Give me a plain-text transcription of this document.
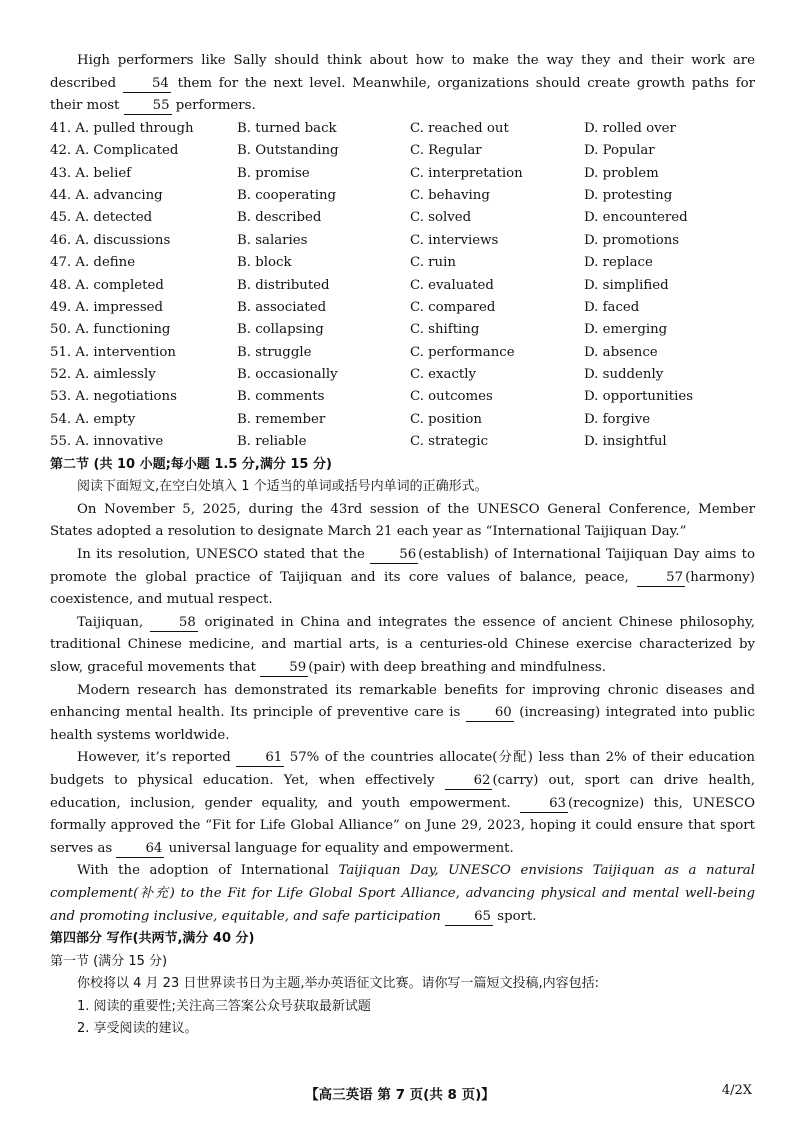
High performers like Sally should think about how to make the way they and their work are described	54 them for the next level. Meanwhile, organizations should create growth paths for their most 55 performers.

41. A. pulled through	B. turned back	C. reached out	D. rolled over
42. A. Complicated	B. Outstanding	C. Regular	D. Popular
43. A. belief	B. promise	C. interpretation	D. problem
44. A. advancing	B. cooperating	C. behaving	D. protesting
45. A. detected	B. described	C. solved	D. encountered
46. A. discussions	B. salaries	C. interviews	D. promotions
47. A. define	B. block	C. ruin	D. replace
48. A. completed	B. distributed	C. evaluated	D. simplified
49. A. impressed	B. associated	C. compared	D. faced
50. A. functioning	B. collapsing	C. shifting	D. emerging
51. A. intervention	B. struggle	C. performance	D. absence
52. A. aimlessly	B. occasionally	C. exactly	D. suddenly
53. A. negotiations	B. comments	C. outcomes	D. opportunities
54. A. empty	B. remember	C. position	D. forgive
55. A. innovative	B. reliable	C. strategic	D. insightful

第二节 (共 10 小题;每小题 1.5 分,满分 15 分)

阅读下面短文,在空白处填入 1 个适当的单词或括号内单词的正确形式。

On November 5, 2025, during the 43rd session of the UNESCO General Conference, Member States adopted a resolution to designate March 21 each year as “International Taijiquan Day.”

In its resolution, UNESCO stated that the	56 (establish) of International Taijiquan Day aims to promote the global practice of Taijiquan and its core values of balance, peace,	57 (harmony) coexistence, and mutual respect.

Taijiquan,	58 originated in China and integrates the essence of ancient Chinese philosophy, traditional Chinese medicine, and martial arts, is a centuries-old Chinese exercise characterized by slow, graceful movements that 59 (pair) with deep breathing and mindfulness.

Modern research has demonstrated its remarkable benefits for improving chronic diseases and enhancing mental health. Its principle of preventive care is	60 (increasing) integrated into public health systems worldwide.

However, it’s reported	61 57% of the countries allocate(分配) less than 2% of their education budgets to physical education. Yet, when effectively	62 (carry) out, sport can drive health, education, inclusion, gender equality, and youth empowerment.	63 (recognize) this, UNESCO formally approved the “Fit for Life Global Alliance” on June 29, 2023, hoping it could ensure that sport serves as 64 universal language for equality and empowerment.

With the adoption of International Taijiquan Day, UNESCO envisions Taijiquan as a natural complement(补充) to the Fit for Life Global Sport Alliance, advancing physical and mental well-being and promoting inclusive, equitable, and safe participation 65 sport.

第四部分 写作(共两节,满分 40 分)

第一节 (满分 15 分)

你校将以 4 月 23 日世界读书日为主题,举办英语征文比赛。请你写一篇短文投稿,内容包括:

1. 阅读的重要性;关注高三答案公众号获取最新试题

2. 享受阅读的建议。

【高三英语 第 7 页(共 8 页)】	4/2X
